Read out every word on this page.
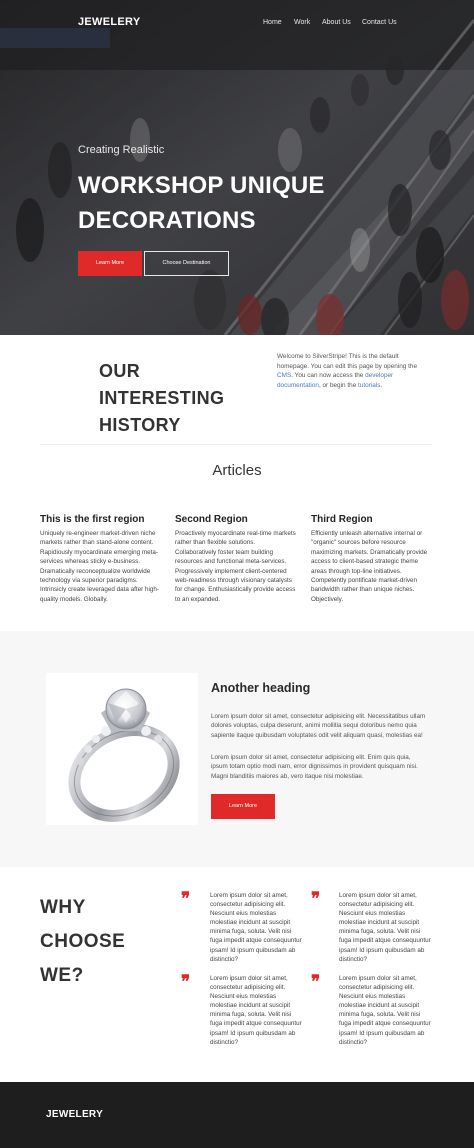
JEWELERY	Home Work About Us Contact Us
Creating Realistic
WORKSHOP UNIQUE
DECORATIONS
Learn More	Choose Destination
OUR
INTERESTING
HISTORY
Welcome to SilverStripe! This is the default homepage. You can edit this page by opening the CMS. You can now access the developer documentation, or begin the tutorials.
Articles
This is the first region

Uniquely re-engineer market-driven niche markets rather than stand-alone content. Rapidiously myocardinate emerging meta-services whereas sticky e-business. Dramatically reconceptualize worldwide technology via superior paradigms. Intrinsicly create leveraged data after high-quality models. Globally.

Second Region

Proactively myocardinate real-time markets rather than flexible solutions. Collaboratively foster team building resources and functional meta-services. Progressively implement client-centered web-readiness through visionary catalysts for change. Enthusiastically provide access to an expanded.

Third Region

Efficiently unleash alternative internal or "organic" sources before resource maximizing markets. Dramatically provide access to client-based strategic theme areas through top-line initiatives. Competently pontificate market-driven bandwidth rather than unique niches. Objectively.

Another heading
Lorem ipsum dolor sit amet, consectetur adipisicing elit. Necessitatibus ullam dolores voluptas, culpa deserunt, animi mollitia sequi doloribus nemo quia sapiente itaque quibusdam voluptates odit velit aliquam quasi, molestias ea!
Lorem ipsum dolor sit amet, consectetur adipisicing elit. Enim quis quia, ipsum totam optio modi nam, error dignissimos in provident quisquam nisi. Magni blanditiis maiores ab, vero itaque nisi molestiae.
Learn More
WHY
CHOOSE
WE?
❞	Lorem ipsum dolor sit amet, consectetur adipisicing elit. Nesciunt eius molestias molestiae incidunt at suscipit minima fuga, soluta. Velit nisi fuga impedit atque consequuntur ipsam! Id ipsum quibusdam ab distinctio?
❞	Lorem ipsum dolor sit amet, consectetur adipisicing elit. Nesciunt eius molestias molestiae incidunt at suscipit minima fuga, soluta. Velit nisi fuga impedit atque consequuntur ipsam! Id ipsum quibusdam ab distinctio?
❞	Lorem ipsum dolor sit amet, consectetur adipisicing elit. Nesciunt eius molestias molestiae incidunt at suscipit minima fuga, soluta. Velit nisi fuga impedit atque consequuntur ipsam! Id ipsum quibusdam ab distinctio?
❞	Lorem ipsum dolor sit amet, consectetur adipisicing elit. Nesciunt eius molestias molestiae incidunt at suscipit minima fuga, soluta. Velit nisi fuga impedit atque consequuntur ipsam! Id ipsum quibusdam ab distinctio?
JEWELERY
